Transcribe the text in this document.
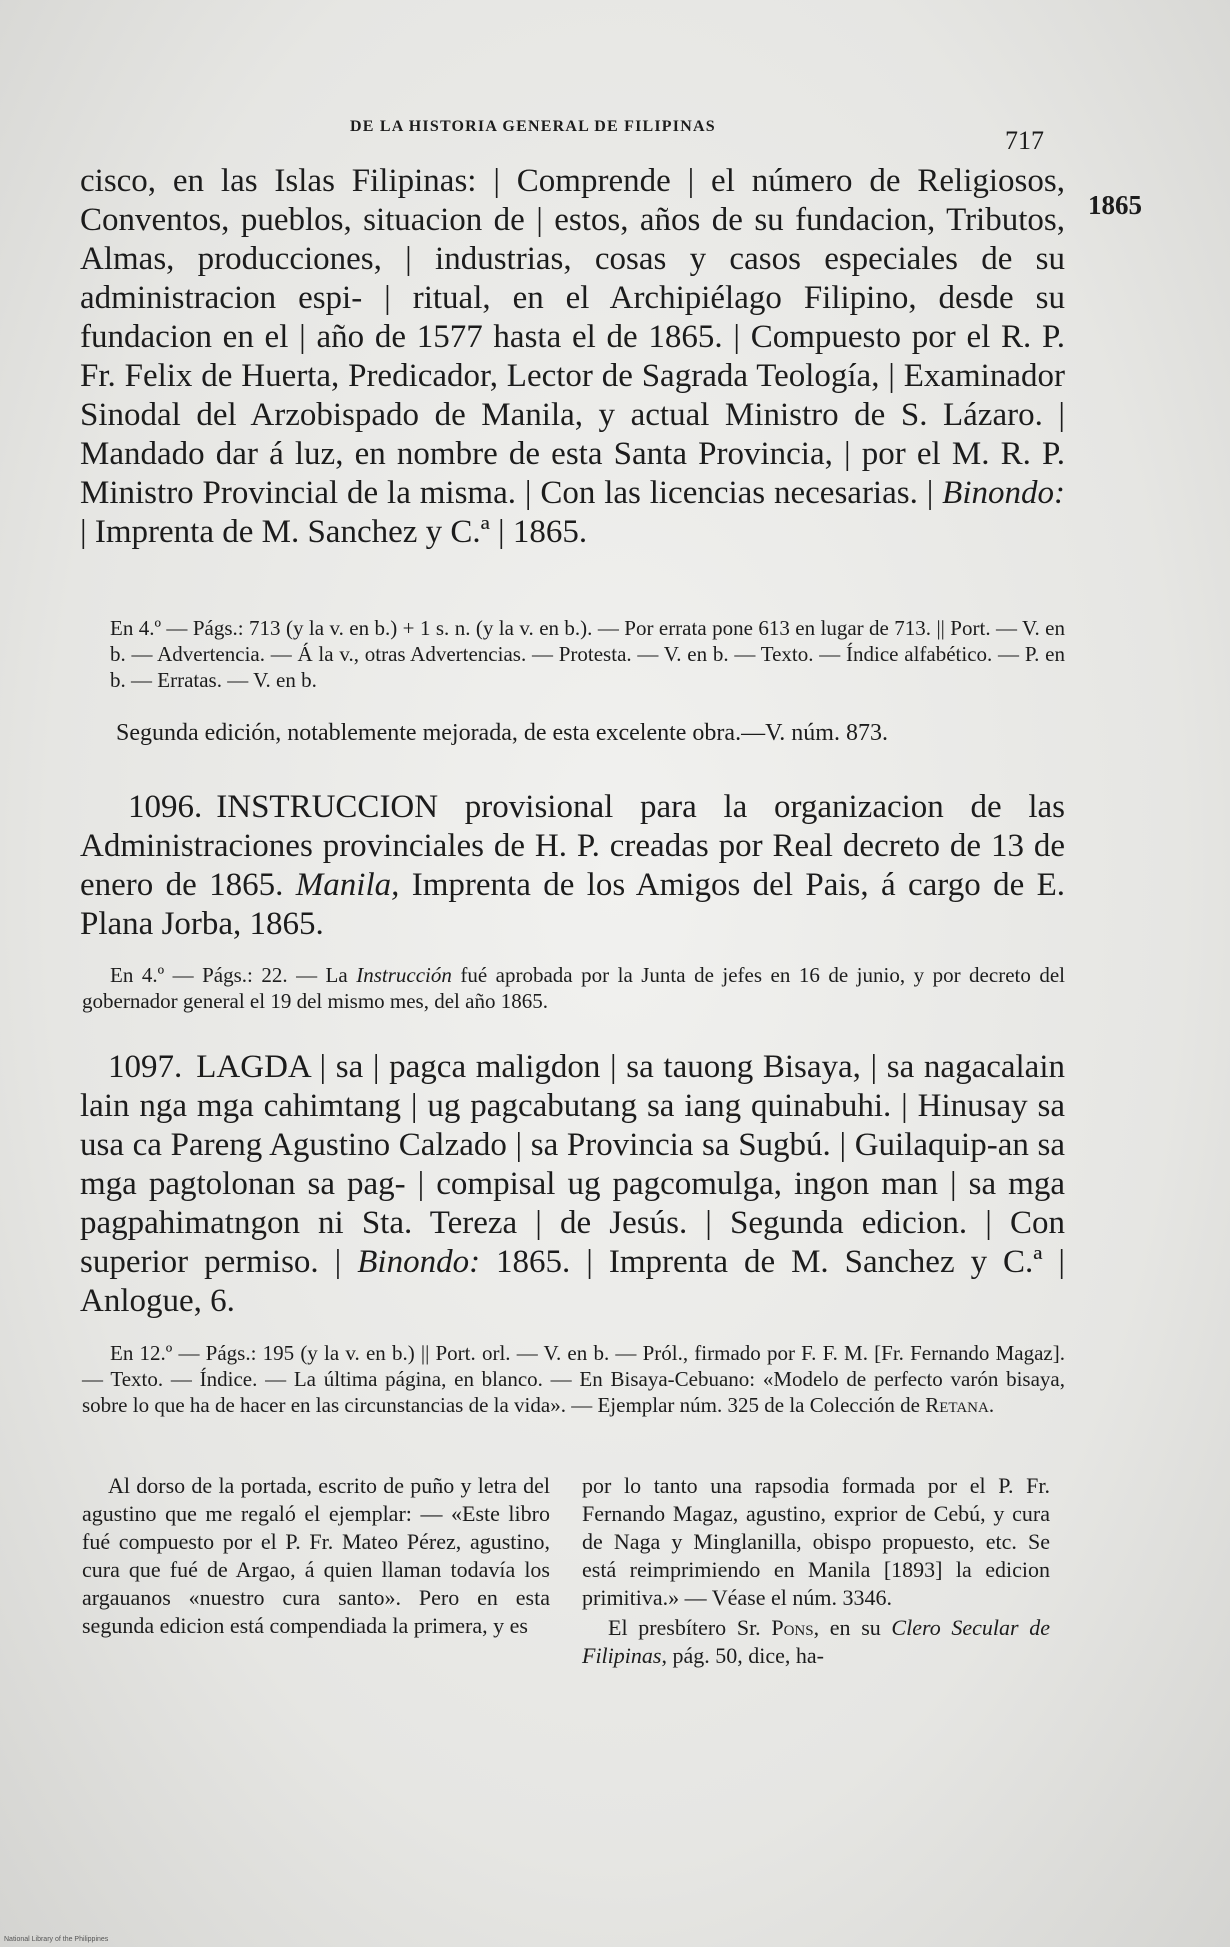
DE LA HISTORIA GENERAL DE FILIPINAS	717
1865
cisco, en las Islas Filipinas: | Comprende | el número de Religiosos, Conventos, pueblos, situacion de | estos, años de su fundacion, Tributos, Almas, producciones, | industrias, cosas y casos especiales de su administracion espi- | ritual, en el Archipiélago Filipino, desde su fundacion en el | año de 1577 hasta el de 1865. | Compuesto por el R. P. Fr. Felix de Huerta, Predicador, Lector de Sagrada Teología, | Examinador Sinodal del Arzobispado de Manila, y actual Ministro de S. Lázaro. | Mandado dar á luz, en nombre de esta Santa Provincia, | por el M. R. P. Ministro Provincial de la misma. | Con las licencias necesarias. | Binondo: | Imprenta de M. Sanchez y C.ª | 1865.
En 4.º — Págs.: 713 (y la v. en b.) + 1 s. n. (y la v. en b.). — Por errata pone 613 en lugar de 713. || Port. — V. en b. — Advertencia. — Á la v., otras Advertencias. — Protesta. — V. en b. — Texto. — Índice alfabético. — P. en b. — Erratas. — V. en b.
Segunda edición, notablemente mejorada, de esta excelente obra.—V. núm. 873.
1096. INSTRUCCION provisional para la organizacion de las Administraciones provinciales de H. P. creadas por Real decreto de 13 de enero de 1865. Manila, Imprenta de los Amigos del Pais, á cargo de E. Plana Jorba, 1865.
En 4.º — Págs.: 22. — La Instrucción fué aprobada por la Junta de jefes en 16 de junio, y por decreto del gobernador general el 19 del mismo mes, del año 1865.
1097. LAGDA | sa | pagca maligdon | sa tauong Bisaya, | sa nagacalain lain nga mga cahimtang | ug pagcabutang sa iang quinabuhi. | Hinusay sa usa ca Pareng Agustino Calzado | sa Provincia sa Sugbú. | Guilaquip-an sa mga pagtolonan sa pag- | compisal ug pagcomulga, ingon man | sa mga pagpahimatngon ni Sta. Tereza | de Jesús. | Segunda edicion. | Con superior permiso. | Binondo: 1865. | Imprenta de M. Sanchez y C.ª | Anlogue, 6.
En 12.º — Págs.: 195 (y la v. en b.) || Port. orl. — V. en b. — Pról., firmado por F. F. M. [Fr. Fernando Magaz]. — Texto. — Índice. — La última página, en blanco. — En Bisaya-Cebuano: «Modelo de perfecto varón bisaya, sobre lo que ha de hacer en las circunstancias de la vida». — Ejemplar núm. 325 de la Colección de Retana.
Al dorso de la portada, escrito de puño y letra del agustino que me regaló el ejemplar: — «Este libro fué compuesto por el P. Fr. Mateo Pérez, agustino, cura que fué de Argao, á quien llaman todavía los argauanos «nuestro cura santo». Pero en esta segunda edicion está compendiada la primera, y es

por lo tanto una rapsodia formada por el P. Fr. Fernando Magaz, agustino, exprior de Cebú, y cura de Naga y Minglanilla, obispo propuesto, etc. Se está reimprimiendo en Manila [1893] la edicion primitiva.» — Véase el núm. 3346.

El presbítero Sr. Pons, en su Clero Secular de Filipinas, pág. 50, dice, ha-

National Library of the Philippines
